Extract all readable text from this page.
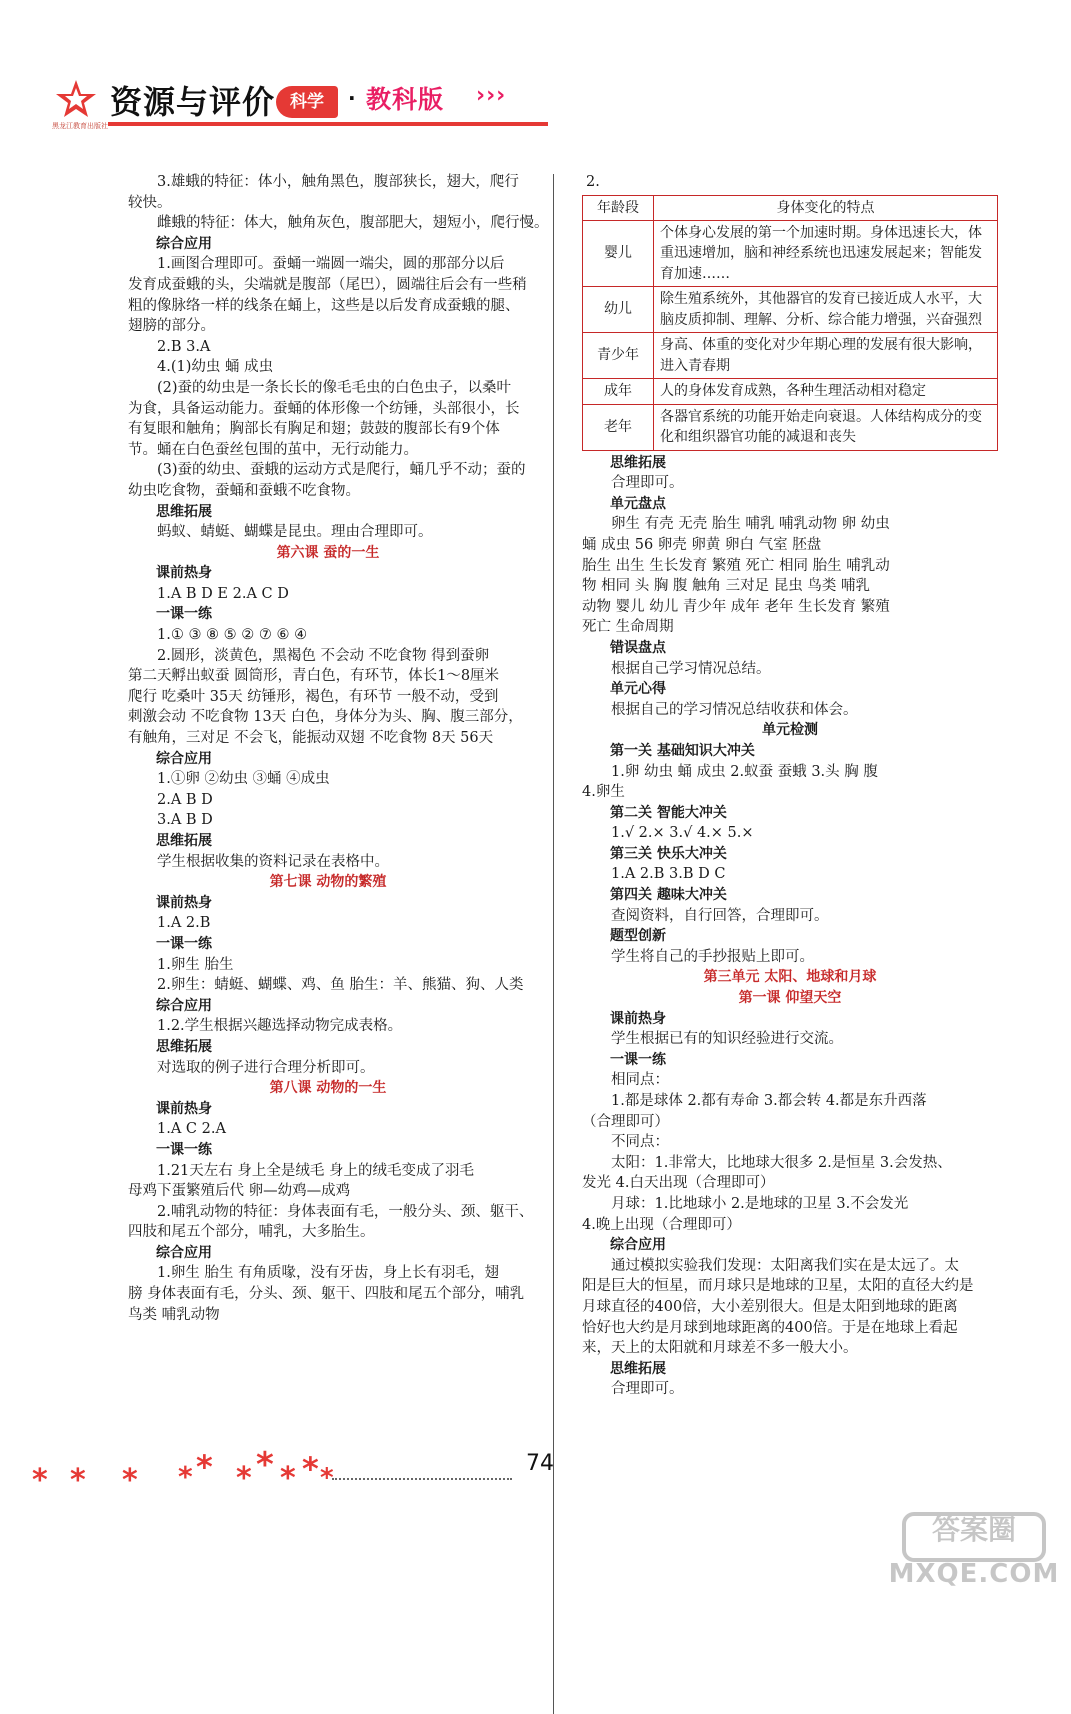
黑龙江教育出版社
资源与评价 科学	· 教科版 ›››

3.雄蛾的特征：体小，触角黑色，腹部狭长，翅大，爬行

较快。

雌蛾的特征：体大，触角灰色，腹部肥大，翅短小，爬行慢。

综合应用

1.画图合理即可。蚕蛹一端圆一端尖，圆的那部分以后

发育成蚕蛾的头，尖端就是腹部（尾巴），圆端往后会有一些稍

粗的像脉络一样的线条在蛹上，这些是以后发育成蚕蛾的腿、

翅膀的部分。

2.B 3.A

4.(1)幼虫 蛹 成虫

(2)蚕的幼虫是一条长长的像毛毛虫的白色虫子，以桑叶

为食，具备运动能力。蚕蛹的体形像一个纺锤，头部很小，长

有复眼和触角；胸部长有胸足和翅；鼓鼓的腹部长有9个体

节。蛹在白色蚕丝包围的茧中，无行动能力。

(3)蚕的幼虫、蚕蛾的运动方式是爬行，蛹几乎不动；蚕的

幼虫吃食物，蚕蛹和蚕蛾不吃食物。

思维拓展

蚂蚁、蜻蜓、蝴蝶是昆虫。理由合理即可。

第六课 蚕的一生

课前热身

1.A B D E 2.A C D

一课一练

1.① ③ ⑧ ⑤ ② ⑦ ⑥ ④

2.圆形，淡黄色，黑褐色 不会动 不吃食物 得到蚕卵

第二天孵出蚁蚕 圆筒形，青白色，有环节，体长1～8厘米

爬行 吃桑叶 35天 纺锤形，褐色，有环节 一般不动，受到

刺激会动 不吃食物 13天 白色，身体分为头、胸、腹三部分，

有触角，三对足 不会飞，能振动双翅 不吃食物 8天 56天

综合应用

1.①卵 ②幼虫 ③蛹 ④成虫

2.A B D

3.A B D

思维拓展

学生根据收集的资料记录在表格中。

第七课 动物的繁殖

课前热身

1.A 2.B

一课一练

1.卵生 胎生

2.卵生：蜻蜓、蝴蝶、鸡、鱼 胎生：羊、熊猫、狗、人类

综合应用

1.2.学生根据兴趣选择动物完成表格。

思维拓展

对选取的例子进行合理分析即可。

第八课 动物的一生

课前热身

1.A C 2.A

一课一练

1.21天左右 身上全是绒毛 身上的绒毛变成了羽毛

母鸡下蛋繁殖后代 卵—幼鸡—成鸡

2.哺乳动物的特征：身体表面有毛，一般分头、颈、躯干、

四肢和尾五个部分，哺乳，大多胎生。

综合应用

1.卵生 胎生 有角质喙，没有牙齿，身上长有羽毛，翅

膀 身体表面有毛，分头、颈、躯干、四肢和尾五个部分，哺乳

鸟类 哺乳动物

2.

年龄段	身体变化的特点
婴儿	个体身心发展的第一个加速时期。身体迅速长大，体重迅速增加，脑和神经系统也迅速发展起来；智能发育加速……
幼儿	除生殖系统外，其他器官的发育已接近成人水平，大脑皮质抑制、理解、分析、综合能力增强，兴奋强烈
青少年	身高、体重的变化对少年期心理的发展有很大影响，进入青春期
成年	人的身体发育成熟，各种生理活动相对稳定
老年	各器官系统的功能开始走向衰退。人体结构成分的变化和组织器官功能的减退和丧失

思维拓展

合理即可。

单元盘点

卵生 有壳 无壳 胎生 哺乳 哺乳动物 卵 幼虫

蛹 成虫 56 卵壳 卵黄 卵白 气室 胚盘

胎生 出生 生长发育 繁殖 死亡 相同 胎生 哺乳动

物 相同 头 胸 腹 触角 三对足 昆虫 鸟类 哺乳

动物 婴儿 幼儿 青少年 成年 老年 生长发育 繁殖

死亡 生命周期

错误盘点

根据自己学习情况总结。

单元心得

根据自己的学习情况总结收获和体会。

单元检测

第一关 基础知识大冲关

1.卵 幼虫 蛹 成虫 2.蚁蚕 蚕蛾 3.头 胸 腹

4.卵生

第二关 智能大冲关

1.√ 2.× 3.√ 4.× 5.×

第三关 快乐大冲关

1.A 2.B 3.B D C

第四关 趣味大冲关

查阅资料，自行回答，合理即可。

题型创新

学生将自己的手抄报贴上即可。

第三单元 太阳、地球和月球

第一课 仰望天空

课前热身

学生根据已有的知识经验进行交流。

一课一练

相同点：

1.都是球体 2.都有寿命 3.都会转 4.都是东升西落

（合理即可）

不同点：

太阳：1.非常大，比地球大很多 2.是恒星 3.会发热、

发光 4.白天出现（合理即可）

月球：1.比地球小 2.是地球的卫星 3.不会发光

4.晚上出现（合理即可）

综合应用

通过模拟实验我们发现：太阳离我们实在是太远了。太

阳是巨大的恒星，而月球只是地球的卫星，太阳的直径大约是

月球直径的400倍，大小差别很大。但是太阳到地球的距离

恰好也大约是月球到地球距离的400倍。于是在地球上看起

来，天上的太阳就和月球差不多一般大小。

思维拓展

合理即可。

* * * * * * * * * *	74
答案圈
MXQE.COM
